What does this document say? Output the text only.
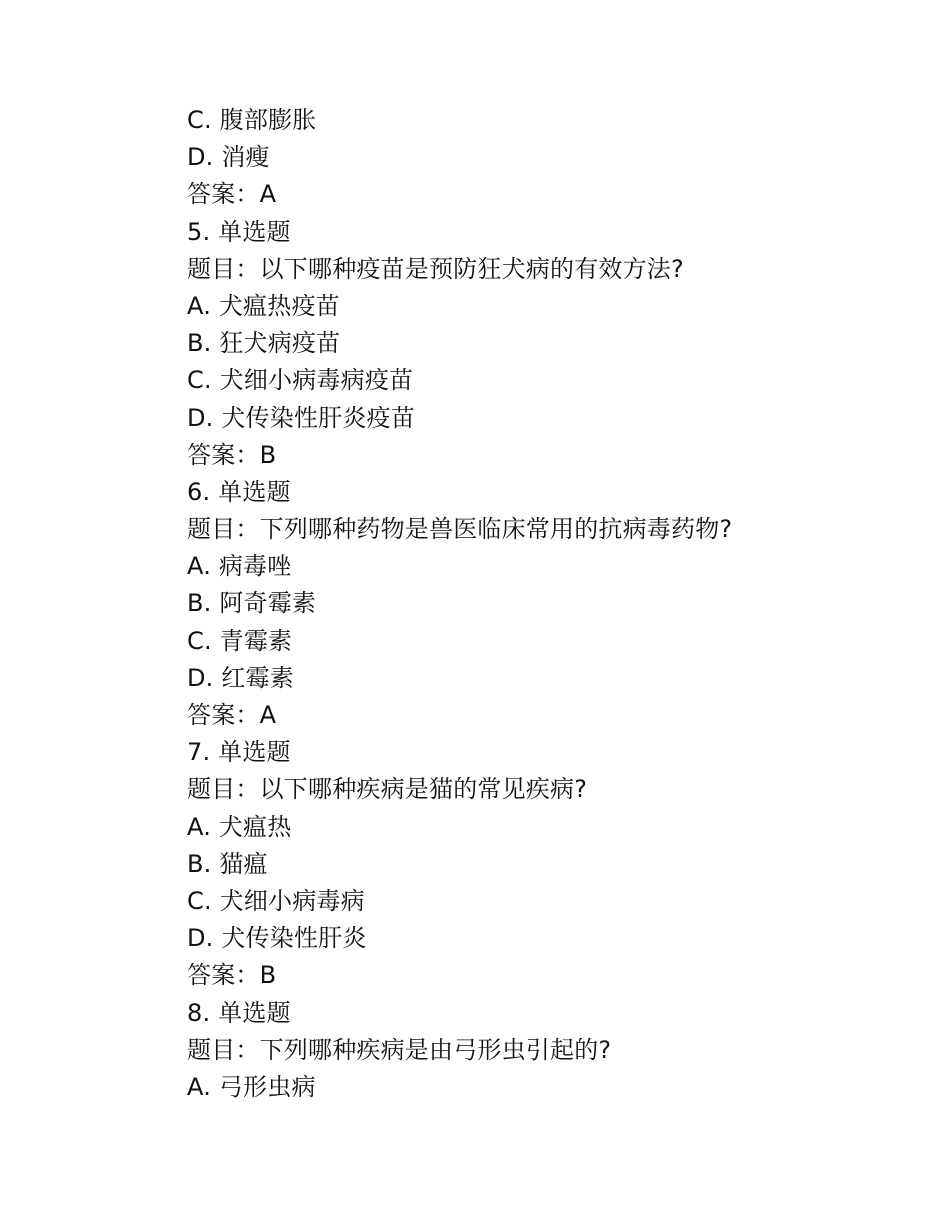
C. 腹部膨胀
D. 消瘦
答案：A
5. 单选题
题目：以下哪种疫苗是预防狂犬病的有效方法?
A. 犬瘟热疫苗
B. 狂犬病疫苗
C. 犬细小病毒病疫苗
D. 犬传染性肝炎疫苗
答案：B
6. 单选题
题目：下列哪种药物是兽医临床常用的抗病毒药物?
A. 病毒唑
B. 阿奇霉素
C. 青霉素
D. 红霉素
答案：A
7. 单选题
题目：以下哪种疾病是猫的常见疾病?
A. 犬瘟热
B. 猫瘟
C. 犬细小病毒病
D. 犬传染性肝炎
答案：B
8. 单选题
题目：下列哪种疾病是由弓形虫引起的?
A. 弓形虫病
